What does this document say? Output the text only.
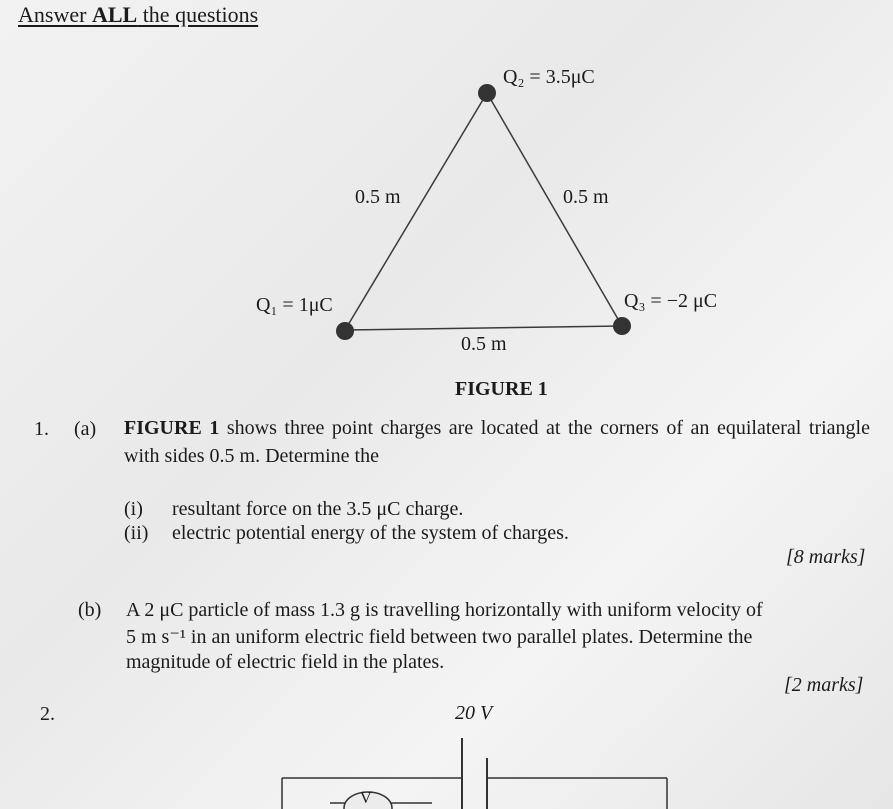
Answer ALL the questions
Q₂ = 3.5μC
0.5 m	0.5 m
Q₁ = 1μC	Q₃ = −2 μC
0.5 m
FIGURE 1
1. (a) FIGURE 1 shows three point charges are located at the corners of an equilateral triangle with sides 0.5 m. Determine the
(i) resultant force on the 3.5 μC charge.
(ii) electric potential energy of the system of charges.
[8 marks]
(b) A 2 μC particle of mass 1.3 g is travelling horizontally with uniform velocity of
5 m s⁻¹ in an uniform electric field between two parallel plates. Determine the
magnitude of electric field in the plates.
[2 marks]
2.	20 V
V
